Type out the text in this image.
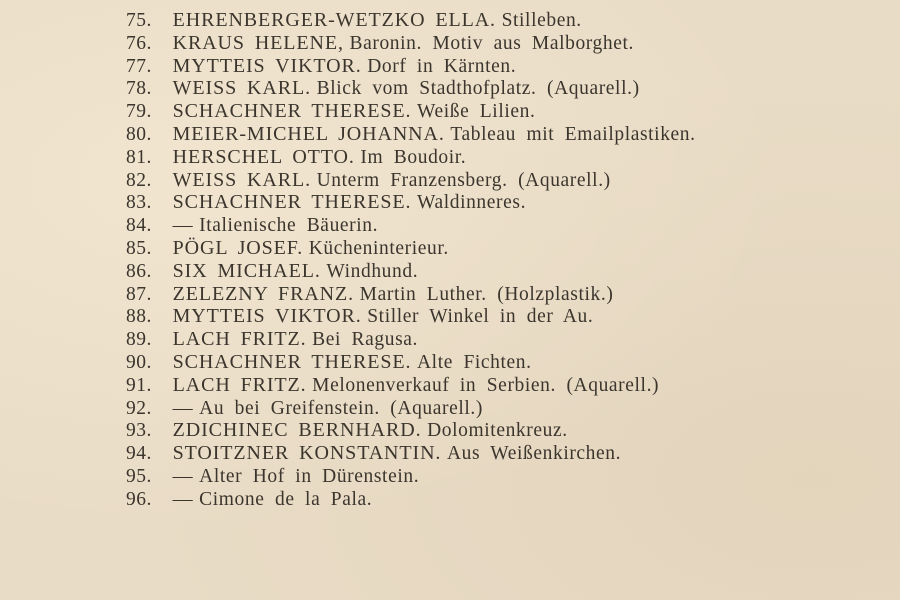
75. EHRENBERGER-WETZKO ELLA. Stilleben.
76. KRAUS HELENE, Baronin. Motiv aus Malborghet.
77. MYTTEIS VIKTOR. Dorf in Kärnten.
78. WEISS KARL. Blick vom Stadthofplatz. (Aquarell.)
79. SCHACHNER THERESE. Weiße Lilien.
80. MEIER-MICHEL JOHANNA. Tableau mit Emailplastiken.
81. HERSCHEL OTTO. Im Boudoir.
82. WEISS KARL. Unterm Franzensberg. (Aquarell.)
83. SCHACHNER THERESE. Waldinneres.
84. — Italienische Bäuerin.
85. PÖGL JOSEF. Kücheninterieur.
86. SIX MICHAEL. Windhund.
87. ZELEZNY FRANZ. Martin Luther. (Holzplastik.)
88. MYTTEIS VIKTOR. Stiller Winkel in der Au.
89. LACH FRITZ. Bei Ragusa.
90. SCHACHNER THERESE. Alte Fichten.
91. LACH FRITZ. Melonenverkauf in Serbien. (Aquarell.)
92. — Au bei Greifenstein. (Aquarell.)
93. ZDICHINEC BERNHARD. Dolomitenkreuz.
94. STOITZNER KONSTANTIN. Aus Weißenkirchen.
95. — Alter Hof in Dürenstein.
96. — Cimone de la Pala.
